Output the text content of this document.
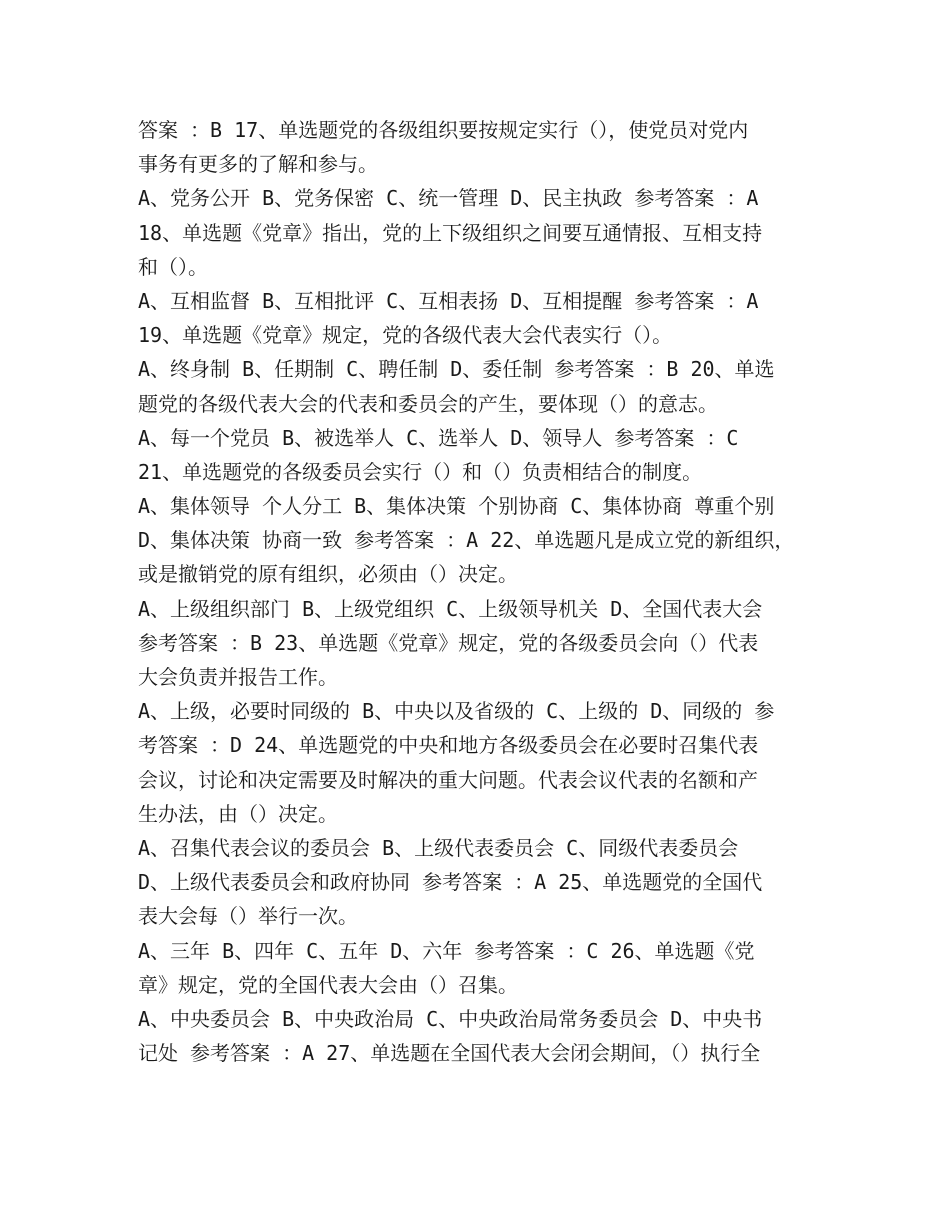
答案 ：B 17、单选题党的各级组织要按规定实行（），使党员对党内
事务有更多的了解和参与。
A、党务公开 B、党务保密 C、统一管理 D、民主执政 参考答案 ：A
18、单选题《党章》指出，党的上下级组织之间要互通情报、互相支持
和（）。
A、互相监督 B、互相批评 C、互相表扬 D、互相提醒 参考答案 ：A
19、单选题《党章》规定，党的各级代表大会代表实行（）。
A、终身制 B、任期制 C、聘任制 D、委任制 参考答案 ：B 20、单选
题党的各级代表大会的代表和委员会的产生，要体现（）的意志。
A、每一个党员 B、被选举人 C、选举人 D、领导人 参考答案 ：C
21、单选题党的各级委员会实行（）和（）负责相结合的制度。
A、集体领导 个人分工 B、集体决策 个别协商 C、集体协商 尊重个别
D、集体决策 协商一致 参考答案 ：A 22、单选题凡是成立党的新组织，
或是撤销党的原有组织，必须由（）决定。
A、上级组织部门 B、上级党组织 C、上级领导机关 D、全国代表大会
参考答案 ：B 23、单选题《党章》规定，党的各级委员会向（）代表
大会负责并报告工作。
A、上级，必要时同级的 B、中央以及省级的 C、上级的 D、同级的 参
考答案 ：D 24、单选题党的中央和地方各级委员会在必要时召集代表
会议，讨论和决定需要及时解决的重大问题。代表会议代表的名额和产
生办法，由（）决定。
A、召集代表会议的委员会 B、上级代表委员会 C、同级代表委员会
D、上级代表委员会和政府协同 参考答案 ：A 25、单选题党的全国代
表大会每（）举行一次。
A、三年 B、四年 C、五年 D、六年 参考答案 ：C 26、单选题《党
章》规定，党的全国代表大会由（）召集。
A、中央委员会 B、中央政治局 C、中央政治局常务委员会 D、中央书
记处 参考答案 ：A 27、单选题在全国代表大会闭会期间，（）执行全
